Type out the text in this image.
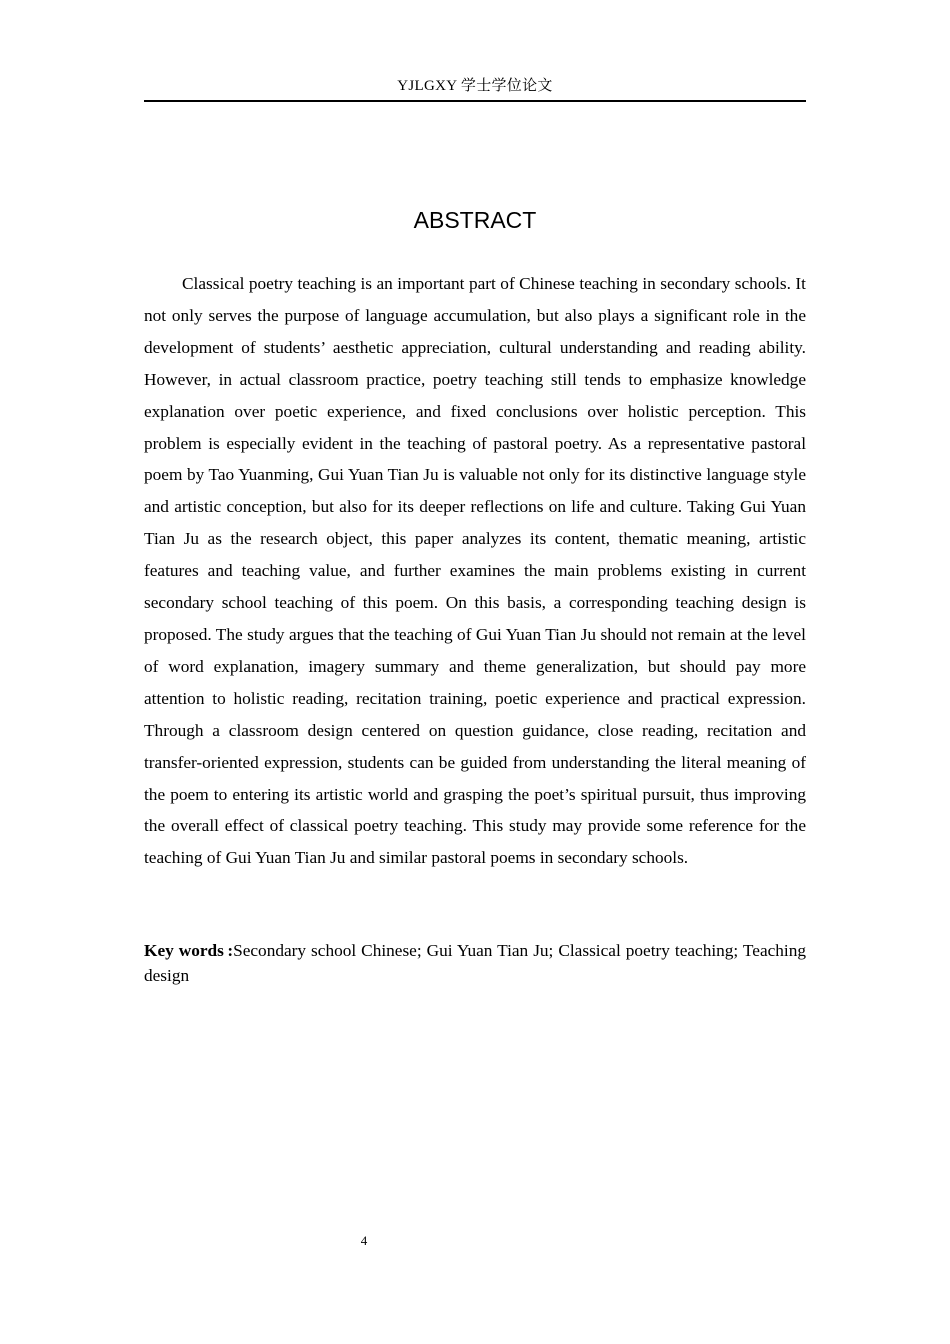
YJLGXY 学士学位论文
ABSTRACT

Classical poetry teaching is an important part of Chinese teaching in secondary schools. It not only serves the purpose of language accumulation, but also plays a significant role in the development of students’ aesthetic appreciation, cultural understanding and reading ability. However, in actual classroom practice, poetry teaching still tends to emphasize knowledge explanation over poetic experience, and fixed conclusions over holistic perception. This problem is especially evident in the teaching of pastoral poetry. As a representative pastoral poem by Tao Yuanming, Gui Yuan Tian Ju is valuable not only for its distinctive language style and artistic conception, but also for its deeper reflections on life and culture. Taking Gui Yuan Tian Ju as the research object, this paper analyzes its content, thematic meaning, artistic features and teaching value, and further examines the main problems existing in current secondary school teaching of this poem. On this basis, a corresponding teaching design is proposed. The study argues that the teaching of Gui Yuan Tian Ju should not remain at the level of word explanation, imagery summary and theme generalization, but should pay more attention to holistic reading, recitation training, poetic experience and practical expression. Through a classroom design centered on question guidance, close reading, recitation and transfer-oriented expression, students can be guided from understanding the literal meaning of the poem to entering its artistic world and grasping the poet’s spiritual pursuit, thus improving the overall effect of classical poetry teaching. This study may provide some reference for the teaching of Gui Yuan Tian Ju and similar pastoral poems in secondary schools.

Key words :Secondary school Chinese; Gui Yuan Tian Ju; Classical poetry teaching; Teaching design

4
